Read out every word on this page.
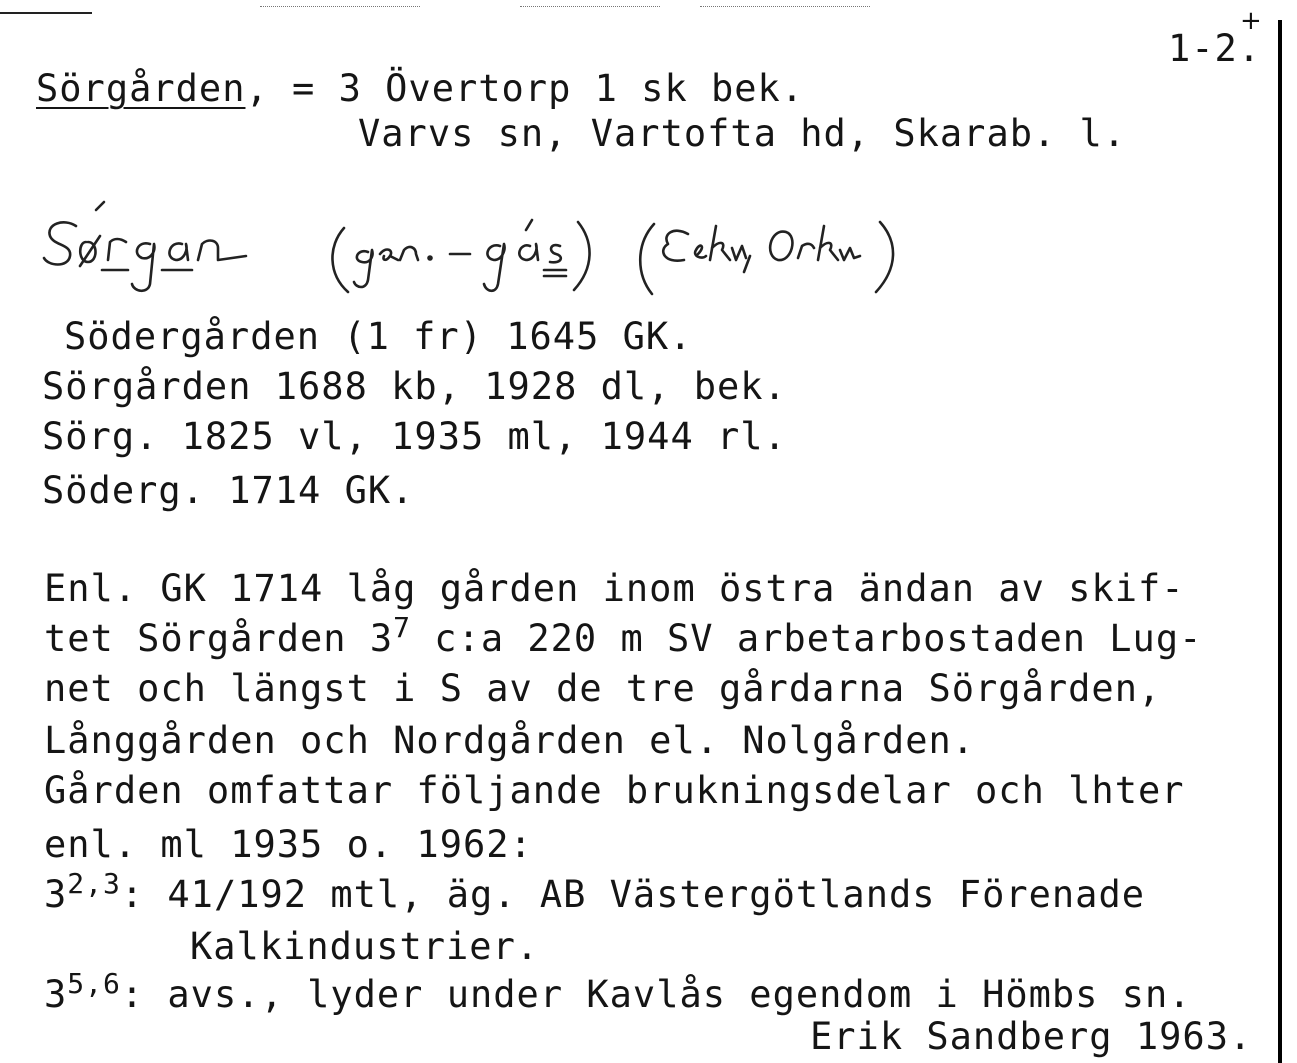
+
1-2.
Sörgården, = 3 Övertorp 1 sk bek.
Varvs sn, Vartofta hd, Skarab. l.
Södergården (1 fr) 1645 GK.
Sörgården 1688 kb, 1928 dl, bek.
Sörg. 1825 vl, 1935 ml, 1944 rl.
Söderg. 1714 GK.
Enl. GK 1714 låg gården inom östra ändan av skif-
tet Sörgården $3^7$ c:a 220 m SV arbetarbostaden Lug-
net och längst i S av de tre gårdarna Sörgården,
Långgården och Nordgården el. Nolgården.
Gården omfattar följande brukningsdelar och lhter
enl. ml 1935 o. 1962:
3$^{2,3}$: 41/192 mtl, äg. AB Västergötlands Förenade
Kalkindustrier.
3$^{5,6}$: avs., lyder under Kavlås egendom i Hömbs sn.
Erik Sandberg 1963.
